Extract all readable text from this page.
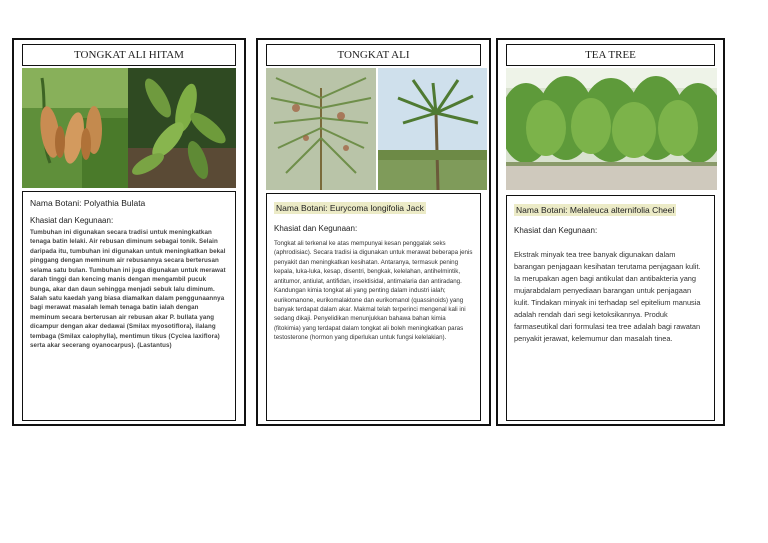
TONGKAT ALI HITAM
Nama Botani: Polyathia Bulata
Khasiat dan Kegunaan:
Tumbuhan ini digunakan secara tradisi untuk meningkatkan tenaga batin lelaki. Air rebusan diminum sebagai tonik. Selain daripada itu, tumbuhan ini digunakan untuk meningkatkan bekal pinggang dengan meminum air rebusannya secara berterusan selama satu bulan. Tumbuhan ini juga digunakan untuk merawat darah tinggi dan kencing manis dengan mengambil pucuk bunga, akar dan daun sehingga menjadi sebuk lalu diminum. Salah satu kaedah yang biasa diamalkan dalam penggunaannya bagi merawat masalah lemah tenaga batin ialah dengan meminum secara berterusan air rebusan akar P. bullata yang dicampur dengan akar dedawai (Smilax myosotiflora), ilalang tembaga (Smilax calophylla), mentimun tikus (Cyclea laxiflora) serta akar secerang oyanocarpus). (Lastantus)
TONGKAT ALI
Nama Botani: Eurycoma longifolia Jack
Khasiat dan Kegunaan:
Tongkat ali terkenal ke atas mempunyai kesan penggalak seks (aphrodisiac). Secara tradisi ia digunakan untuk merawat beberapa jenis penyakit dan meningkatkan kesihatan. Antaranya, termasuk pening kepala, luka-luka, kesap, disentri, bengkak, kelelahan, antihelmintik, antitumor, antiulat, antifidan, insektisidal, antimalaria dan antiradang. Kandungan kimia tongkat ali yang penting dalam industri ialah; eurikomanone, eurikomalaktone dan eurikomanol (quassinoids) yang banyak terdapat dalam akar. Makmal telah terperinci mengenal kali ini sedang dikaji. Penyelidikan menunjukkan bahawa bahan kimia (fitokimia) yang terdapat dalam tongkat ali boleh meningkatkan paras testosterone (hormon yang diperlukan untuk fungsi kelelakian).
TEA TREE
Nama Botani: Melaleuca alternifolia Cheel
Khasiat dan Kegunaan:
Ekstrak minyak tea tree banyak digunakan dalam barangan penjagaan kesihatan terutama penjagaan kulit. Ia merupakan agen bagi antikulat dan antibakteria yang mujarabdalam penyediaan barangan untuk penjagaan kulit. Tindakan minyak ini terhadap sel epitelium manusia adalah rendah dari segi ketoksikannya. Produk farmaseutikal dari formulasi tea tree adalah bagi rawatan penyakit jerawat, kelemumur dan masalah tinea.
